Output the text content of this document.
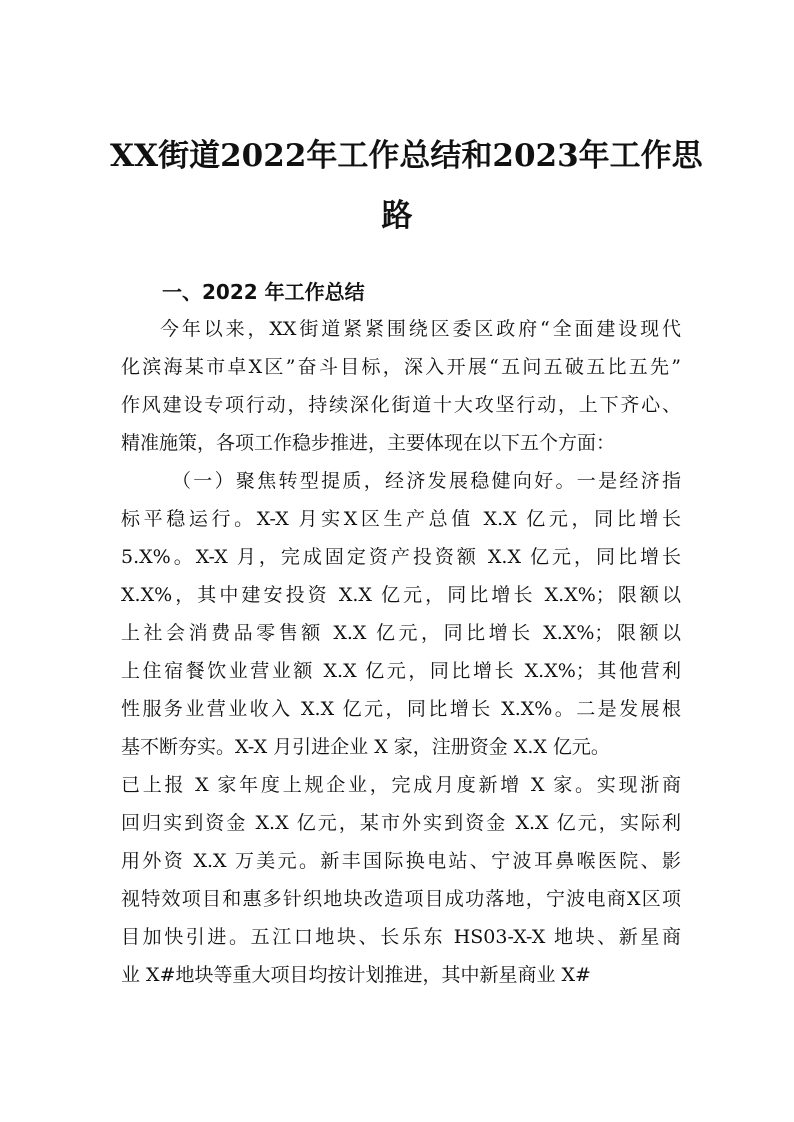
XX街道2022年工作总结和2023年工作思
路
一、2022 年工作总结
今年以来，XX街道紧紧围绕区委区政府“全面建设现代
化滨海某市卓X区”奋斗目标，深入开展“五问五破五比五先”
作风建设专项行动，持续深化街道十大攻坚行动，上下齐心、
精准施策，各项工作稳步推进，主要体现在以下五个方面：
（一）聚焦转型提质，经济发展稳健向好。一是经济指
标平稳运行。X-X 月实X区生产总值 X.X 亿元，同比增长
5.X%。X-X 月，完成固定资产投资额 X.X 亿元，同比增长
X.X%，其中建安投资 X.X 亿元，同比增长 X.X%；限额以
上社会消费品零售额 X.X 亿元，同比增长 X.X%；限额以
上住宿餐饮业营业额 X.X 亿元，同比增长 X.X%；其他营利
性服务业营业收入 X.X 亿元，同比增长 X.X%。二是发展根
基不断夯实。X-X 月引进企业 X 家，注册资金 X.X 亿元。
已上报 X 家年度上规企业，完成月度新增 X 家。实现浙商
回归实到资金 X.X 亿元，某市外实到资金 X.X 亿元，实际利
用外资 X.X 万美元。新丰国际换电站、宁波耳鼻喉医院、影
视特效项目和惠多针织地块改造项目成功落地，宁波电商X区项
目加快引进。五江口地块、长乐东 HS03-X-X 地块、新星商
业 X#地块等重大项目均按计划推进，其中新星商业 X#
